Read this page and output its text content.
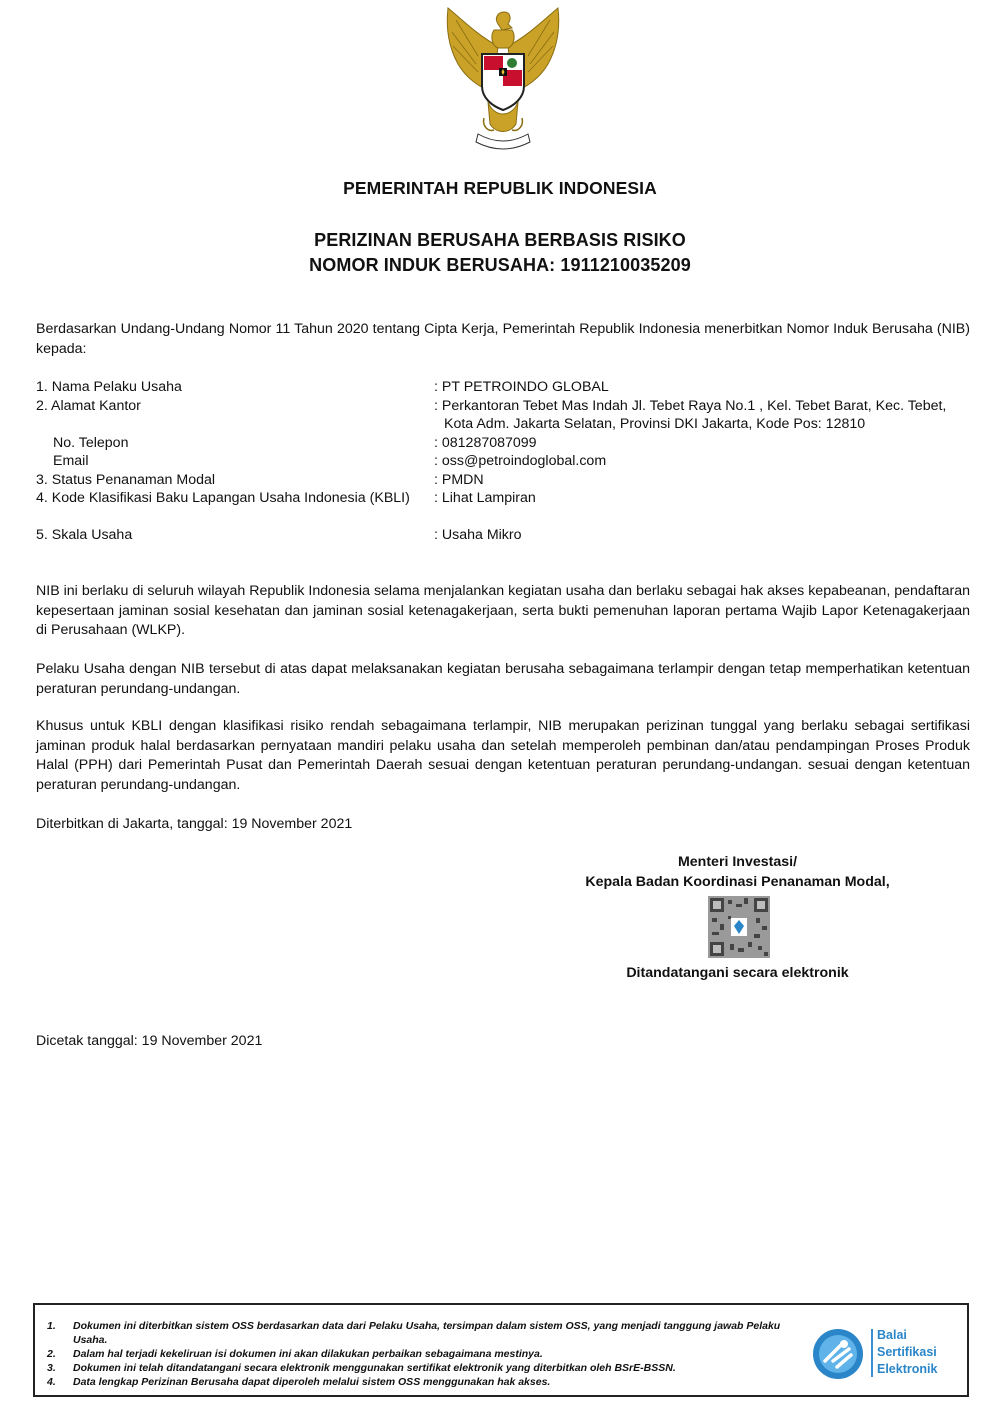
PEMERINTAH REPUBLIK INDONESIA
PERIZINAN BERUSAHA BERBASIS RISIKO
NOMOR INDUK BERUSAHA: 1911210035209
Berdasarkan Undang-Undang Nomor 11 Tahun 2020 tentang Cipta Kerja, Pemerintah Republik Indonesia menerbitkan Nomor Induk Berusaha (NIB) kepada:
1. Nama Pelaku Usaha	: PT PETROINDO GLOBAL
2. Alamat Kantor	: Perkantoran Tebet Mas Indah Jl. Tebet Raya No.1 , Kel. Tebet Barat, Kec. Tebet, Kota Adm. Jakarta Selatan, Provinsi DKI Jakarta, Kode Pos: 12810
No. Telepon	: 081287087099
Email	: oss@petroindoglobal.com
3. Status Penanaman Modal	: PMDN
4. Kode Klasifikasi Baku Lapangan Usaha Indonesia (KBLI)	: Lihat Lampiran
5. Skala Usaha	: Usaha Mikro
NIB ini berlaku di seluruh wilayah Republik Indonesia selama menjalankan kegiatan usaha dan berlaku sebagai hak akses kepabeanan, pendaftaran kepesertaan jaminan sosial kesehatan dan jaminan sosial ketenagakerjaan, serta bukti pemenuhan laporan pertama Wajib Lapor Ketenagakerjaan di Perusahaan (WLKP).
Pelaku Usaha dengan NIB tersebut di atas dapat melaksanakan kegiatan berusaha sebagaimana terlampir dengan tetap memperhatikan ketentuan peraturan perundang-undangan.
Khusus untuk KBLI dengan klasifikasi risiko rendah sebagaimana terlampir, NIB merupakan perizinan tunggal yang berlaku sebagai sertifikasi jaminan produk halal berdasarkan pernyataan mandiri pelaku usaha dan setelah memperoleh pembinan dan/atau pendampingan Proses Produk Halal (PPH) dari Pemerintah Pusat dan Pemerintah Daerah sesuai dengan ketentuan peraturan perundang-undangan. sesuai dengan ketentuan peraturan perundang-undangan.
Diterbitkan di Jakarta, tanggal: 19 November 2021
Menteri Investasi/
Kepala Badan Koordinasi Penanaman Modal,
Ditandatangani secara elektronik
Dicetak tanggal: 19 November 2021
1. Dokumen ini diterbitkan sistem OSS berdasarkan data dari Pelaku Usaha, tersimpan dalam sistem OSS, yang menjadi tanggung jawab Pelaku Usaha.
2. Dalam hal terjadi kekeliruan isi dokumen ini akan dilakukan perbaikan sebagaimana mestinya.
3. Dokumen ini telah ditandatangani secara elektronik menggunakan sertifikat elektronik yang diterbitkan oleh BSrE-BSSN.
4. Data lengkap Perizinan Berusaha dapat diperoleh melalui sistem OSS menggunakan hak akses.
Balai
Sertifikasi
Elektronik
